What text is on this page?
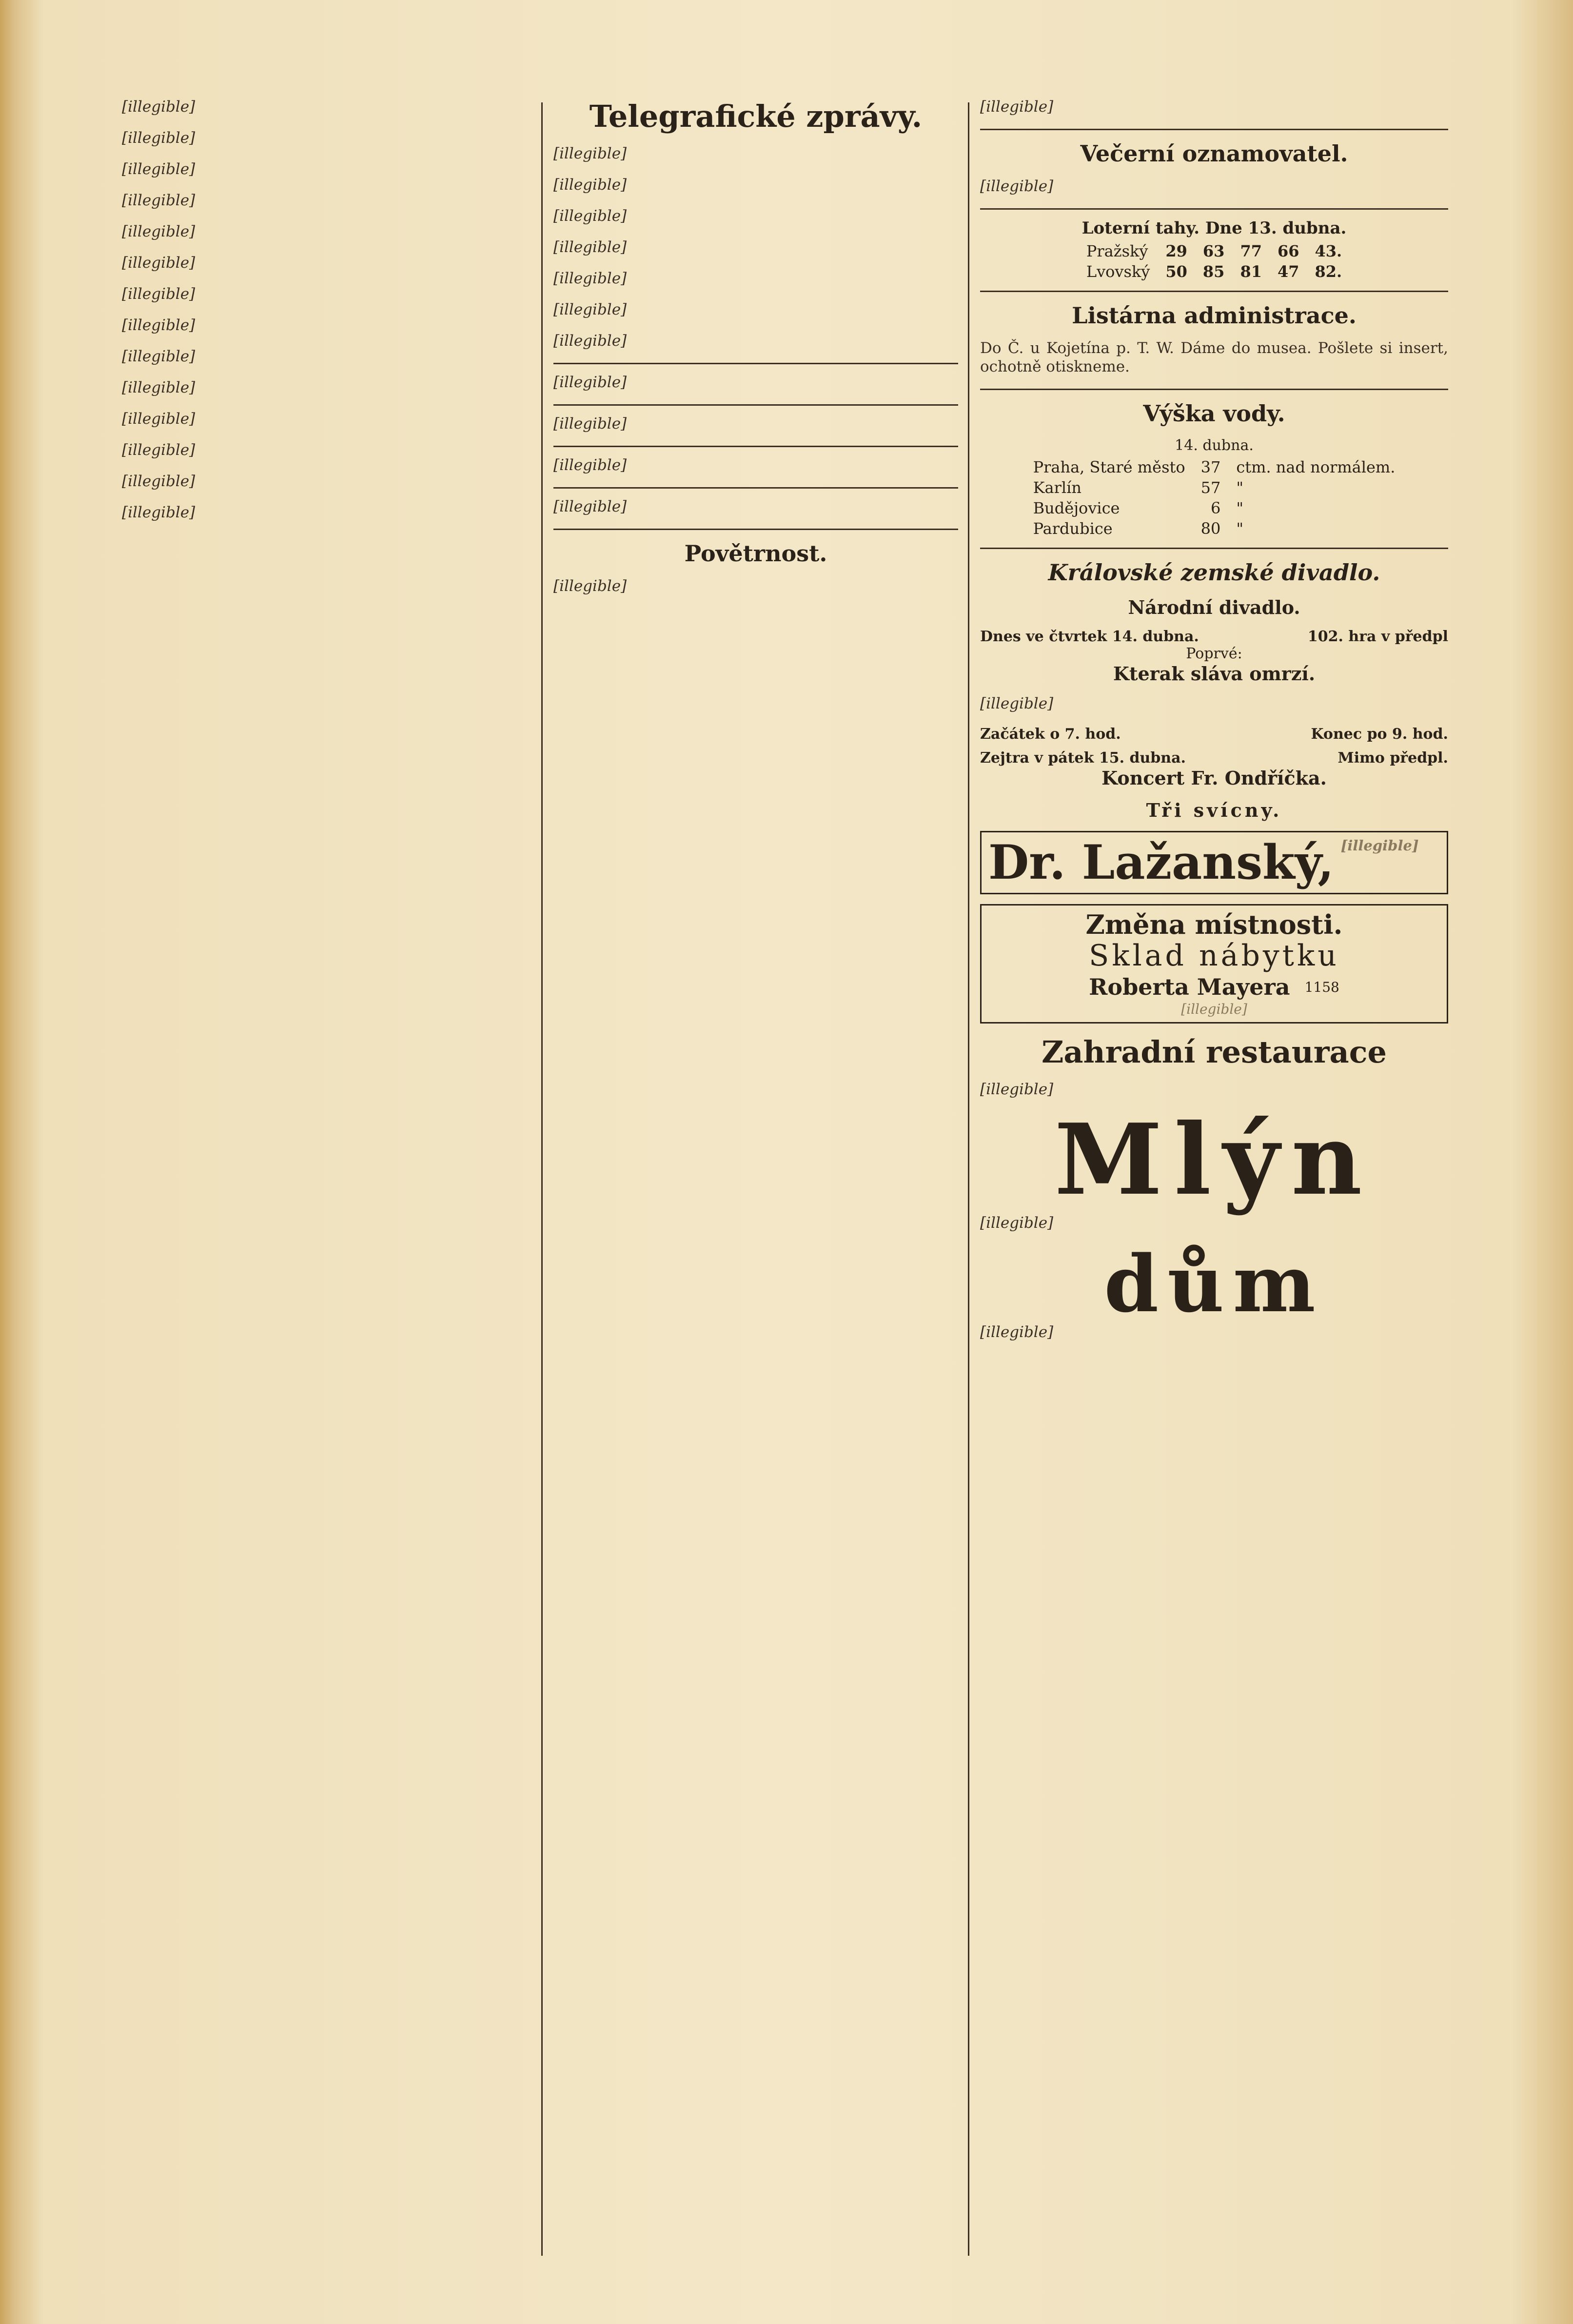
[illegible]

[illegible]

[illegible]

[illegible]

[illegible]

[illegible]

[illegible]

[illegible]

[illegible]

[illegible]

[illegible]

[illegible]

[illegible]

[illegible]

Telegrafické zprávy.

[illegible]

[illegible]

[illegible]

[illegible]

[illegible]

[illegible]

[illegible]

[illegible]

[illegible]

[illegible]

[illegible]

Povětrnost.

[illegible]

[illegible]

Večerní oznamovatel.

[illegible]

Loterní tahy. Dne 13. dubna.
Pražský	29	63	77	66	43.
Lvovský	50	85	81	47	82.
Listárna administrace.

Do Č. u Kojetína p. T. W. Dáme do musea. Pošlete si insert, ochotně otiskneme.

Výška vody.
14. dubna.
Praha, Staré město	37	ctm. nad normálem.
Karlín	57	"
Budějovice	6	"
Pardubice	80	"
Královské zemské divadlo.
Národní divadlo.
Dnes ve čtvrtek 14. dubna.	102. hra v předpl
Poprvé:
Kterak sláva omrzí.

[illegible]

Začátek o 7. hod.	Konec po 9. hod.
Zejtra v pátek 15. dubna.	Mimo předpl.
Koncert Fr. Ondříčka.
Tři svícny.
Dr. Lažanský, [illegible]
Změna místnosti.
Sklad nábytku
Roberta Mayera 1158
[illegible]
Zahradní restaurace

[illegible]

Mlýn

[illegible]

dům

[illegible]
